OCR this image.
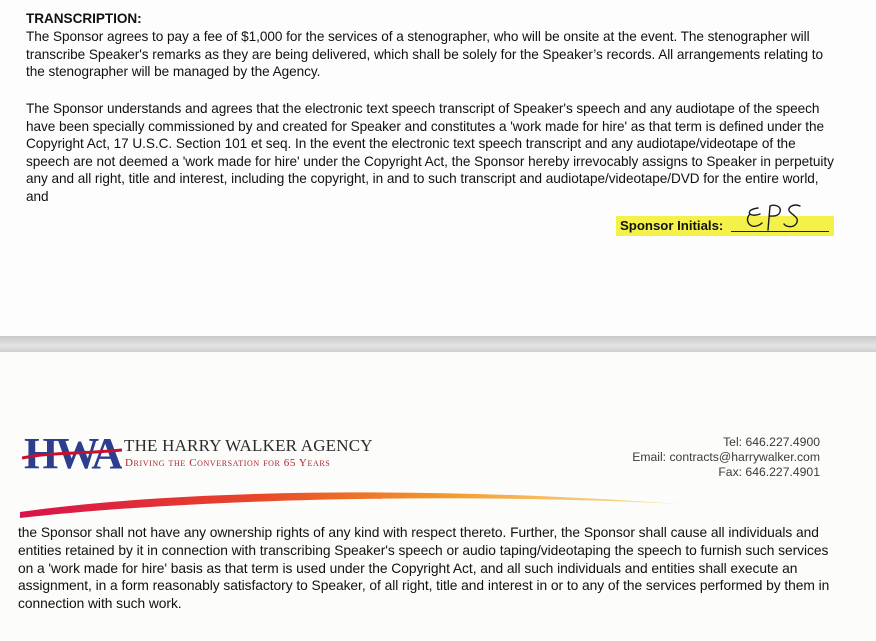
TRANSCRIPTION:
The Sponsor agrees to pay a fee of $1,000 for the services of a stenographer, who will be onsite at the event. The stenographer will transcribe Speaker's remarks as they are being delivered, which shall be solely for the Speaker’s records. All arrangements relating to the stenographer will be managed by the Agency.
The Sponsor understands and agrees that the electronic text speech transcript of Speaker's speech and any audiotape of the speech have been specially commissioned by and created for Speaker and constitutes a 'work made for hire' as that term is defined under the Copyright Act, 17 U.S.C. Section 101 et seq. In the event the electronic text speech transcript and any audiotape/videotape of the speech are not deemed a 'work made for hire' under the Copyright Act, the Sponsor hereby irrevocably assigns to Speaker in perpetuity any and all right, title and interest, including the copyright, in and to such transcript and audiotape/videotape/DVD for the entire world, and
Sponsor Initials:
HWA THE HARRY WALKER AGENCY
Driving the Conversation for 65 Years
Tel: 646.227.4900
Email: contracts@harrywalker.com
Fax: 646.227.4901
the Sponsor shall not have any ownership rights of any kind with respect thereto. Further, the Sponsor shall cause all individuals and entities retained by it in connection with transcribing Speaker's speech or audio taping/videotaping the speech to furnish such services on a 'work made for hire' basis as that term is used under the Copyright Act, and all such individuals and entities shall execute an assignment, in a form reasonably satisfactory to Speaker, of all right, title and interest in or to any of the services performed by them in connection with such work.
